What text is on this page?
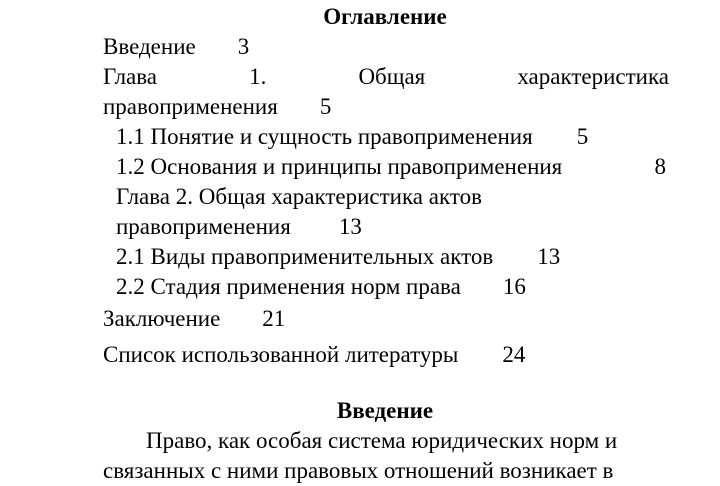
Оглавление
Введение 3
Глава	1.	Общая	характеристика
правоприменения 5
1.1 Понятие и сущность правоприменения 5
1.2 Основания и принципы правоприменения	8
Глава 2. Общая характеристика актов
правоприменения 13
2.1 Виды правоприменительных актов 13
2.2 Стадия применения норм права 16
Заключение 21
Список использованной литературы 24
Введение
Право, как особая система юридических норм и
связанных с ними правовых отношений возникает в
